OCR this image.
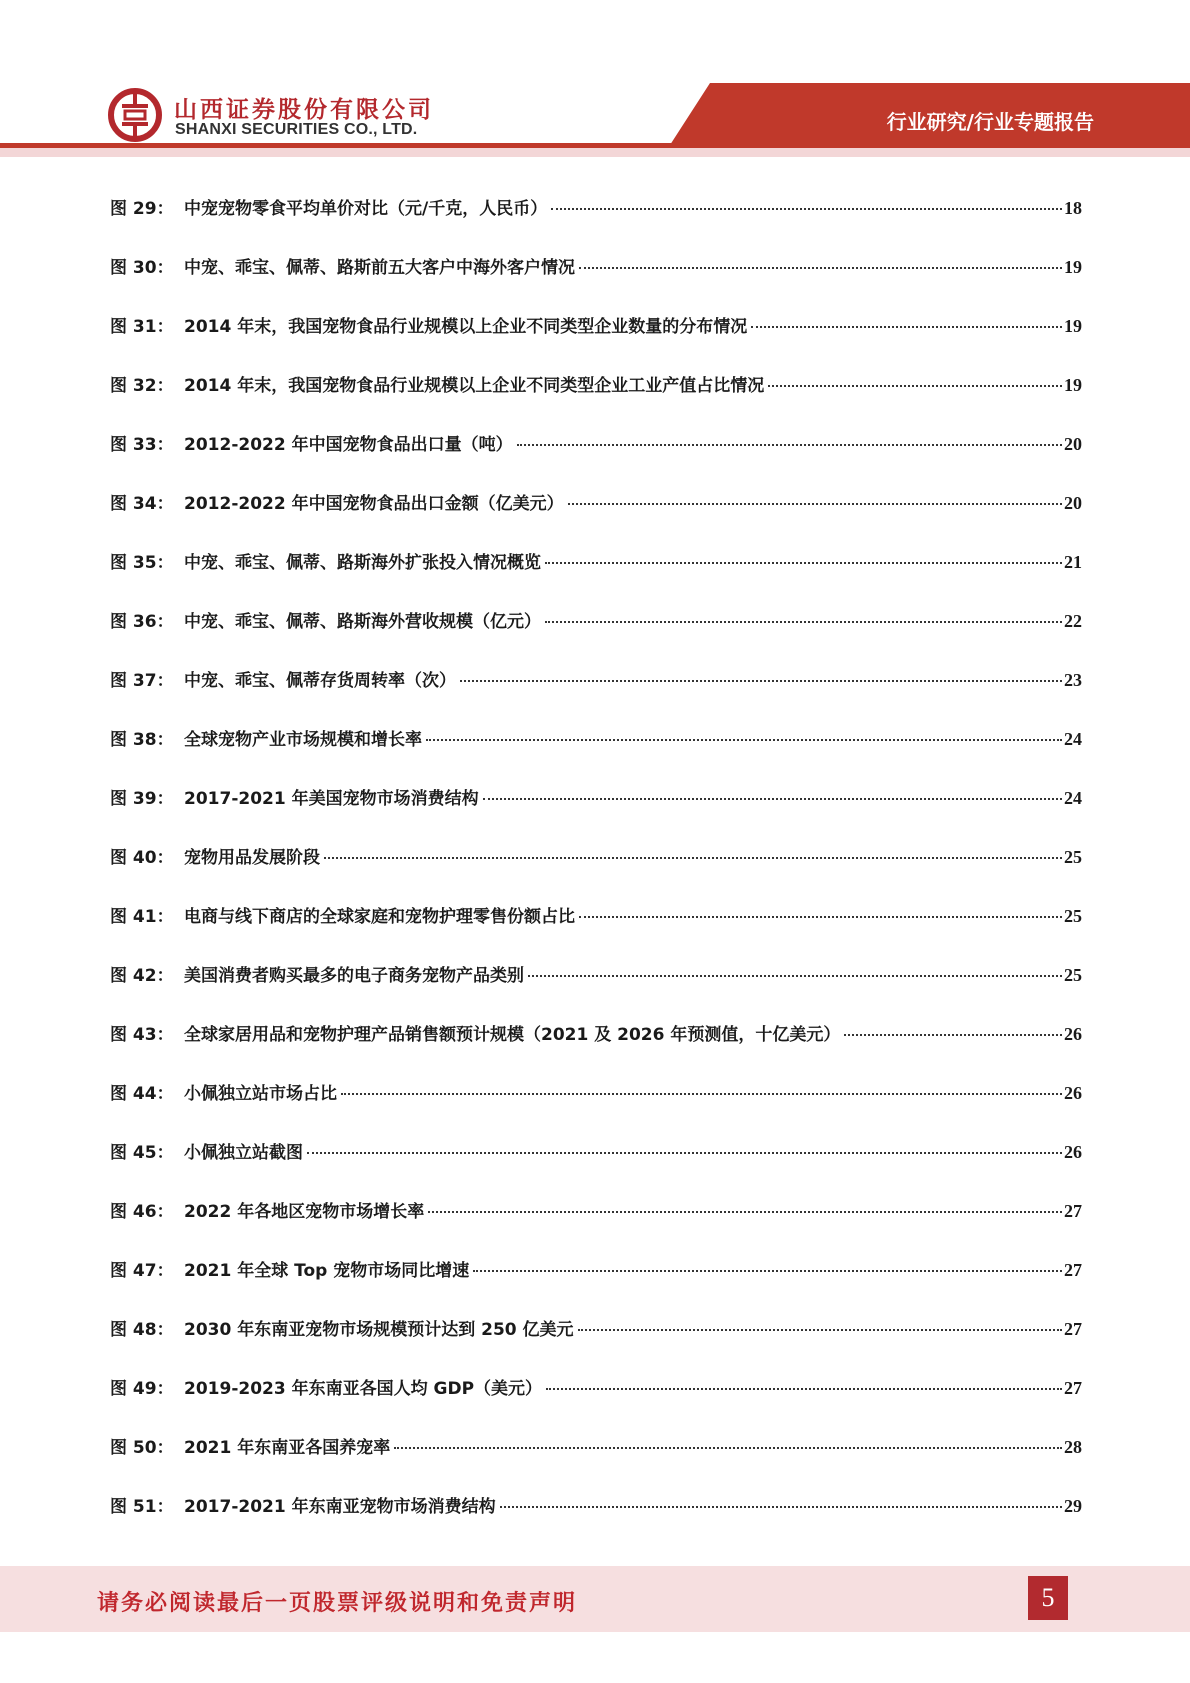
山西证券股份有限公司
SHANXI SECURITIES CO., LTD.	行业研究/行业专题报告
图 29： 中宠宠物零食平均单价对比（元/千克，人民币）	18
图 30： 中宠、乖宝、佩蒂、路斯前五大客户中海外客户情况	19
图 31： 2014 年末，我国宠物食品行业规模以上企业不同类型企业数量的分布情况	19
图 32： 2014 年末，我国宠物食品行业规模以上企业不同类型企业工业产值占比情况	19
图 33： 2012-2022 年中国宠物食品出口量（吨）	20
图 34： 2012-2022 年中国宠物食品出口金额（亿美元）	20
图 35： 中宠、乖宝、佩蒂、路斯海外扩张投入情况概览	21
图 36： 中宠、乖宝、佩蒂、路斯海外营收规模（亿元）	22
图 37： 中宠、乖宝、佩蒂存货周转率（次）	23
图 38： 全球宠物产业市场规模和增长率	24
图 39： 2017-2021 年美国宠物市场消费结构	24
图 40： 宠物用品发展阶段	25
图 41： 电商与线下商店的全球家庭和宠物护理零售份额占比	25
图 42： 美国消费者购买最多的电子商务宠物产品类别	25
图 43： 全球家居用品和宠物护理产品销售额预计规模（2021 及 2026 年预测值，十亿美元）	26
图 44： 小佩独立站市场占比	26
图 45： 小佩独立站截图	26
图 46： 2022 年各地区宠物市场增长率	27
图 47： 2021 年全球 Top 宠物市场同比增速	27
图 48： 2030 年东南亚宠物市场规模预计达到 250 亿美元	27
图 49： 2019-2023 年东南亚各国人均 GDP（美元）	27
图 50： 2021 年东南亚各国养宠率	28
图 51： 2017-2021 年东南亚宠物市场消费结构	29
请务必阅读最后一页股票评级说明和免责声明	5
